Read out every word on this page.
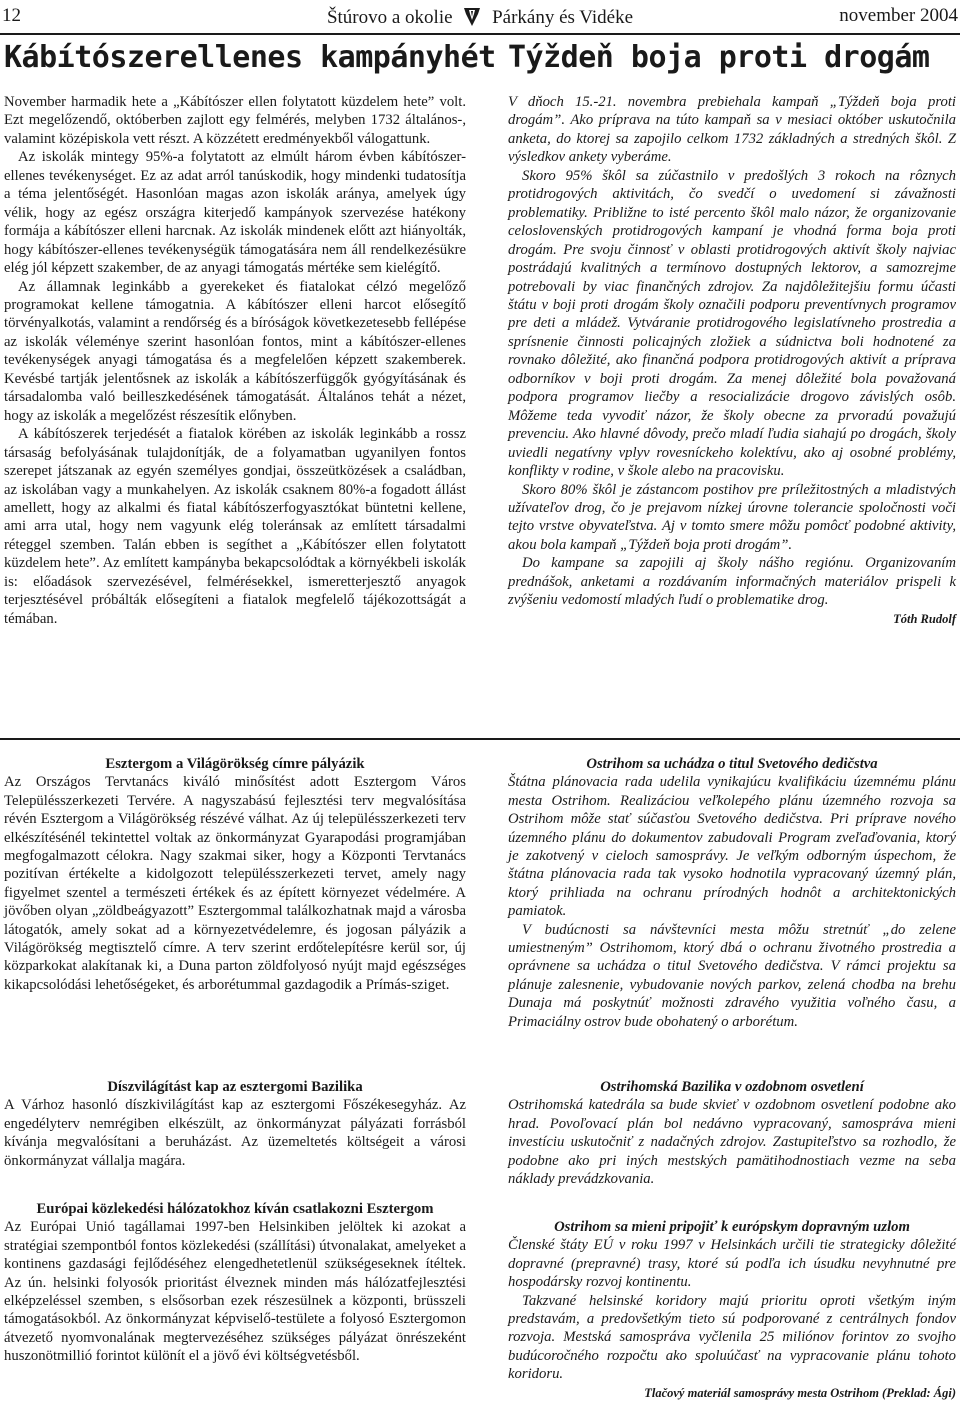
12	Štúrovo a okolie Párkány és Vidéke	november 2004
Kábítószerellenes kampányhét

November harmadik hete a „Kábítószer ellen folytatott küzdelem hete” volt. Ezt megelőzendő, októberben zajlott egy felmérés, melyben 1732 általános-, valamint középiskola vett részt. A közzétett eredményekből válogattunk.

Az iskolák mintegy 95%-a folytatott az elmúlt három évben kábítószer-ellenes tevékenységet. Ez az adat arról tanúskodik, hogy mindenki tudatosítja a téma jelentőségét. Hasonlóan magas azon iskolák aránya, amelyek úgy vélik, hogy az egész országra kiterjedő kampányok szervezése hatékony formája a kábítószer elleni harcnak. Az iskolák mindenek előtt azt hiányolták, hogy kábítószer-ellenes tevékenységük támogatására nem áll rendelkezésükre elég jól képzett szakember, de az anyagi támogatás mértéke sem kielégítő.

Az államnak leginkább a gyerekeket és fiatalokat célzó megelőző programokat kellene támogatnia. A kábítószer elleni harcot elősegítő törvényalkotás, valamint a rendőrség és a bíróságok következetesebb fellépése az iskolák véleménye szerint hasonlóan fontos, mint a kábítószer-ellenes tevékenységek anyagi támogatása és a megfelelően képzett szakemberek. Kevésbé tartják jelentősnek az iskolák a kábítószerfüggők gyógyításának és társadalomba való beilleszkedésének támogatását. Általános tehát a nézet, hogy az iskolák a megelőzést részesítik előnyben.

A kábítószerek terjedését a fiatalok körében az iskolák leginkább a rossz társaság befolyásának tulajdonítják, de a folyamatban ugyanilyen fontos szerepet játszanak az egyén személyes gondjai, összeütközések a családban, az iskolában vagy a munkahelyen. Az iskolák csaknem 80%-a fogadott állást amellett, hogy az alkalmi és fiatal kábítószerfogyasztókat büntetni kellene, ami arra utal, hogy nem vagyunk elég toleránsak az említett társadalmi réteggel szemben. Talán ebben is segíthet a „Kábítószer ellen folytatott küzdelem hete”. Az említett kampányba bekapcsolódtak a környékbeli iskolák is: előadások szervezésével, felmérésekkel, ismeretterjesztő anyagok terjesztésével próbálták elősegíteni a fiatalok megfelelő tájékozottságát a témában.

Týždeň boja proti drogám

V dňoch 15.-21. novembra prebiehala kampaň „Týždeň boja proti drogám”. Ako príprava na túto kampaň sa v mesiaci október uskutočnila anketa, do ktorej sa zapojilo celkom 1732 základných a stredných škôl. Z výsledkov ankety vyberáme.

Skoro 95% škôl sa zúčastnilo v predošlých 3 rokoch na rôznych protidrogových aktivitách, čo svedčí o uvedomení si závažnosti problematiky. Približne to isté percento škôl malo názor, že organizovanie celoslovenských protidrogových kampaní je vhodná forma boja proti drogám. Pre svoju činnosť v oblasti protidrogových aktivít školy najviac postrádajú kvalitných a termínovo dostupných lektorov, a samozrejme potrebovali by viac finančných zdrojov. Za najdôležitejšiu formu účasti štátu v boji proti drogám školy označili podporu preventívnych programov pre deti a mládež. Vytváranie protidrogového legislatívneho prostredia a sprísnenie činnosti policajných zložiek a súdnictva boli hodnotené za rovnako dôležité, ako finančná podpora protidrogových aktivít a príprava odborníkov v boji proti drogám. Za menej dôležité bola považovaná podpora programov liečby a resocializácie drogovo závislých osôb. Môžeme teda vyvodiť názor, že školy obecne za prvoradú považujú prevenciu. Ako hlavné dôvody, prečo mladí ľudia siahajú po drogách, školy uviedli negatívny vplyv rovesníckeho kolektívu, ako aj osobné problémy, konflikty v rodine, v škole alebo na pracovisku.

Skoro 80% škôl je zástancom postihov pre príležitostných a mladistvých užívateľov drog, čo je prejavom nízkej úrovne tolerancie spoločnosti voči tejto vrstve obyvateľstva. Aj v tomto smere môžu pomôcť podobné aktivity, akou bola kampaň „Týždeň boja proti drogám”.

Do kampane sa zapojili aj školy nášho regiónu. Organizovaním prednášok, anketami a rozdávaním informačných materiálov prispeli k zvýšeniu vedomostí mladých ľudí o problematike drog.

Tóth Rudolf
Esztergom a Világörökség címre pályázik

Az Országos Tervtanács kiváló minősítést adott Esztergom Város Településszerkezeti Tervére. A nagyszabású fejlesztési terv megvalósítása révén Esztergom a Világörökség részévé válhat. Az új településszerkezeti terv elkészítésénél tekintettel voltak az önkormányzat Gyarapodási programjában megfogalmazott célokra. Nagy szakmai siker, hogy a Központi Tervtanács pozitívan értékelte a kidolgozott településszerkezeti tervet, amely nagy figyelmet szentel a természeti értékek és az épített környezet védelmére. A jövőben olyan „zöldbeágyazott” Esztergommal találkozhatnak majd a városba látogatók, amely sokat ad a környezetvédelemre, és jogosan pályázik a Világörökség megtisztelő címre. A terv szerint erdőtelepítésre kerül sor, új közparkokat alakítanak ki, a Duna parton zöldfolyosó nyújt majd egészséges kikapcsolódási lehetőségeket, és arborétummal gazdagodik a Prímás-sziget.

Díszvilágítást kap az esztergomi Bazilika

A Várhoz hasonló díszkivilágítást kap az esztergomi Főszékesegyház. Az engedélyterv nemrégiben elkészült, az önkormányzat pályázati forrásból kívánja megvalósítani a beruházást. Az üzemeltetés költségeit a városi önkormányzat vállalja magára.

Európai közlekedési hálózatokhoz kíván csatlakozni Esztergom

Az Európai Unió tagállamai 1997-ben Helsinkiben jelöltek ki azokat a stratégiai szempontból fontos közlekedési (szállítási) útvonalakat, amelyeket a kontinens gazdasági fejlődéséhez elengedhetetlenül szükségeseknek ítéltek. Az ún. helsinki folyosók prioritást élveznek minden más hálózatfejlesztési elképzeléssel szemben, s elsősorban ezek részesülnek a központi, brüsszeli támogatásokból. Az önkormányzat képviselő-testülete a folyosó Esztergomon átvezető nyomvonalának megtervezéséhez szükséges pályázat önrészeként huszonötmillió forintot különít el a jövő évi költségvetésből.

Ostrihom sa uchádza o titul Svetového dedičstva

Štátna plánovacia rada udelila vynikajúcu kvalifikáciu územnému plánu mesta Ostrihom. Realizáciou veľkolepého plánu územného rozvoja sa Ostrihom môže stať súčasťou Svetového dedičstva. Pri príprave nového územného plánu do dokumentov zabudovali Program zveľaďovania, ktorý je zakotvený v cieloch samosprávy. Je veľkým odborným úspechom, že štátna plánovacia rada tak vysoko hodnotila vypracovaný územný plán, ktorý prihliada na ochranu prírodných hodnôt a architektonických pamiatok.

V budúcnosti sa návštevníci mesta môžu stretnúť „do zelene umiestneným” Ostrihomom, ktorý dbá o ochranu životného prostredia a oprávnene sa uchádza o titul Svetového dedičstva. V rámci projektu sa plánuje zalesnenie, vybudovanie nových parkov, zelená chodba na brehu Dunaja má poskytnúť možnosti zdravého využitia voľného času, a Primaciálny ostrov bude obohatený o arborétum.

Ostrihomská Bazilika v ozdobnom osvetlení

Ostrihomská katedrála sa bude skvieť v ozdobnom osvetlení podobne ako hrad. Povoľovací plán bol nedávno vypracovaný, samospráva mieni investíciu uskutočniť z nadačných zdrojov. Zastupiteľstvo sa rozhodlo, že podobne ako pri iných mestských pamätihodnostiach vezme na seba náklady prevádzkovania.

Ostrihom sa mieni pripojiť k európskym dopravným uzlom

Členské štáty EÚ v roku 1997 v Helsinkách určili tie strategicky dôležité dopravné (prepravné) trasy, ktoré sú podľa ich úsudku nevyhnutné pre hospodársky rozvoj kontinentu.

Takzvané helsinské koridory majú prioritu oproti všetkým iným predstavám, a predovšetkým tieto sú podporované z centrálnych fondov rozvoja. Mestská samospráva vyčlenila 25 miliónov forintov zo svojho budúcoročného rozpočtu ako spoluúčasť na vypracovanie plánu tohoto koridoru.

Tlačový materiál samosprávy mesta Ostrihom (Preklad: Ági)
